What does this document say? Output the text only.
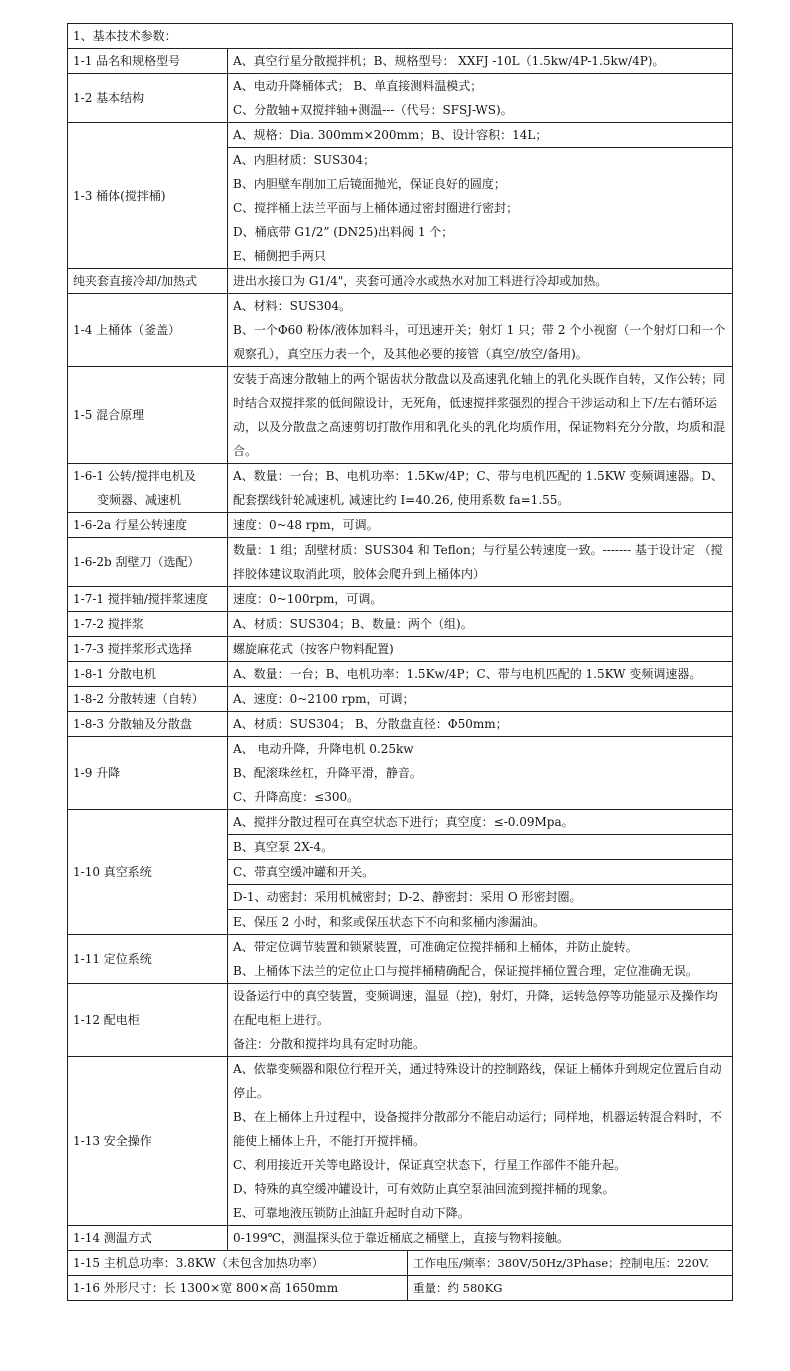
1、基本技术参数：		

1-1 品名和规格型号	A、真空行星分散搅拌机；B、规格型号： XXFJ -10L（1.5kw/4P-1.5kw/4P)。	

1-2 基本结构	A、电动升降桶体式； B、单直接测料温模式；
C、分散轴+双搅拌轴+测温---（代号：SFSJ-WS)。	

1-3 桶体(搅拌桶)	A、规格：Dia. 300mm×200mm；B、设计容积：14L；	

	A、内胆材质：SUS304；
B、内胆壁车削加工后镜面抛光，保证良好的圆度；
C、搅拌桶上法兰平面与上桶体通过密封圈进行密封；
D、桶底带 G1/2” (DN25)出料阀 1 个；
E、桶侧把手两只	

纯夹套直接冷却/加热式	进出水接口为 G1/4"，夹套可通冷水或热水对加工料进行冷却或加热。	

1-4 上桶体（釜盖）	A、材料：SUS304。
B、一个Φ60 粉体/液体加料斗，可迅速开关；射灯 1 只；带 2 个小视窗（一个射灯口和一个观察孔），真空压力表一个，及其他必要的接管（真空/放空/备用)。	

1-5 混合原理	安装于高速分散轴上的两个锯齿状分散盘以及高速乳化轴上的乳化头既作自转，又作公转；同时结合双搅拌浆的低间隙设计，无死角，低速搅拌浆强烈的捏合干涉运动和上下/左右循环运动，以及分散盘之高速剪切打散作用和乳化头的乳化均质作用，保证物料充分分散，均质和混合。	

1-6-1 公转/搅拌电机及
变频器、减速机	A、数量：一台；B、电机功率：1.5Kw/4P；C、带与电机匹配的 1.5KW 变频调速器。D、配套摆线针轮减速机, 减速比约 I=40.26, 使用系数 fa=1.55。	

1-6-2a 行星公转速度	速度：0~48 rpm，可调。	

1-6-2b 刮壁刀（选配）	数量：1 组；刮壁材质：SUS304 和 Teflon；与行星公转速度一致。------- 基于设计定 （搅拌胶体建议取消此项，胶体会爬升到上桶体内）	

1-7-1 搅拌轴/搅拌浆速度	速度：0~100rpm，可调。	

1-7-2 搅拌浆	A、材质：SUS304；B、数量：两个（组)。	

1-7-3 搅拌浆形式选择	螺旋麻花式（按客户物料配置)	

1-8-1 分散电机	A、数量：一台；B、电机功率：1.5Kw/4P；C、带与电机匹配的 1.5KW 变频调速器。	

1-8-2 分散转速（自转）	A、速度：0~2100 rpm，可调；	

1-8-3 分散轴及分散盘	A、材质：SUS304； B、分散盘直径：Φ50mm；	

1-9 升降	A、 电动升降，升降电机 0.25kw
B、配滚珠丝杠，升降平滑，静音。
C、升降高度：≤300。	

1-10 真空系统	A、搅拌分散过程可在真空状态下进行；真空度：≤-0.09Mpa。	

	B、真空泵 2X-4。	

	C、带真空缓冲罐和开关。	

	D-1、动密封：采用机械密封；D-2、静密封：采用 O 形密封圈。	

	E、保压 2 小时，和浆或保压状态下不向和浆桶内渗漏油。	

1-11 定位系统	A、带定位调节装置和锁紧装置，可准确定位搅拌桶和上桶体，并防止旋转。
B、上桶体下法兰的定位止口与搅拌桶精确配合，保证搅拌桶位置合理，定位准确无误。	

1-12 配电柜	设备运行中的真空装置，变频调速，温显（控)，射灯，升降，运转急停等功能显示及操作均在配电柜上进行。
备注：分散和搅拌均具有定时功能。	

1-13 安全操作	A、依靠变频器和限位行程开关，通过特殊设计的控制路线，保证上桶体升到规定位置后自动停止。
B、在上桶体上升过程中，设备搅拌分散部分不能启动运行；同样地，机器运转混合料时，不能使上桶体上升，不能打开搅拌桶。
C、利用接近开关等电路设计，保证真空状态下，行星工作部件不能升起。
D、特殊的真空缓冲罐设计，可有效防止真空泵油回流到搅拌桶的现象。
E、可靠地液压锁防止油缸升起时自动下降。	

1-14 测温方式	0-199℃，测温探头位于靠近桶底之桶壁上，直接与物料接触。	

1-15 主机总功率：3.8KW（未包含加热功率）		工作电压/频率：380V/50Hz/3Phase；控制电压：220V.
1-16 外形尺寸：长 1300×宽 800×高 1650mm		重量：约 580KG
